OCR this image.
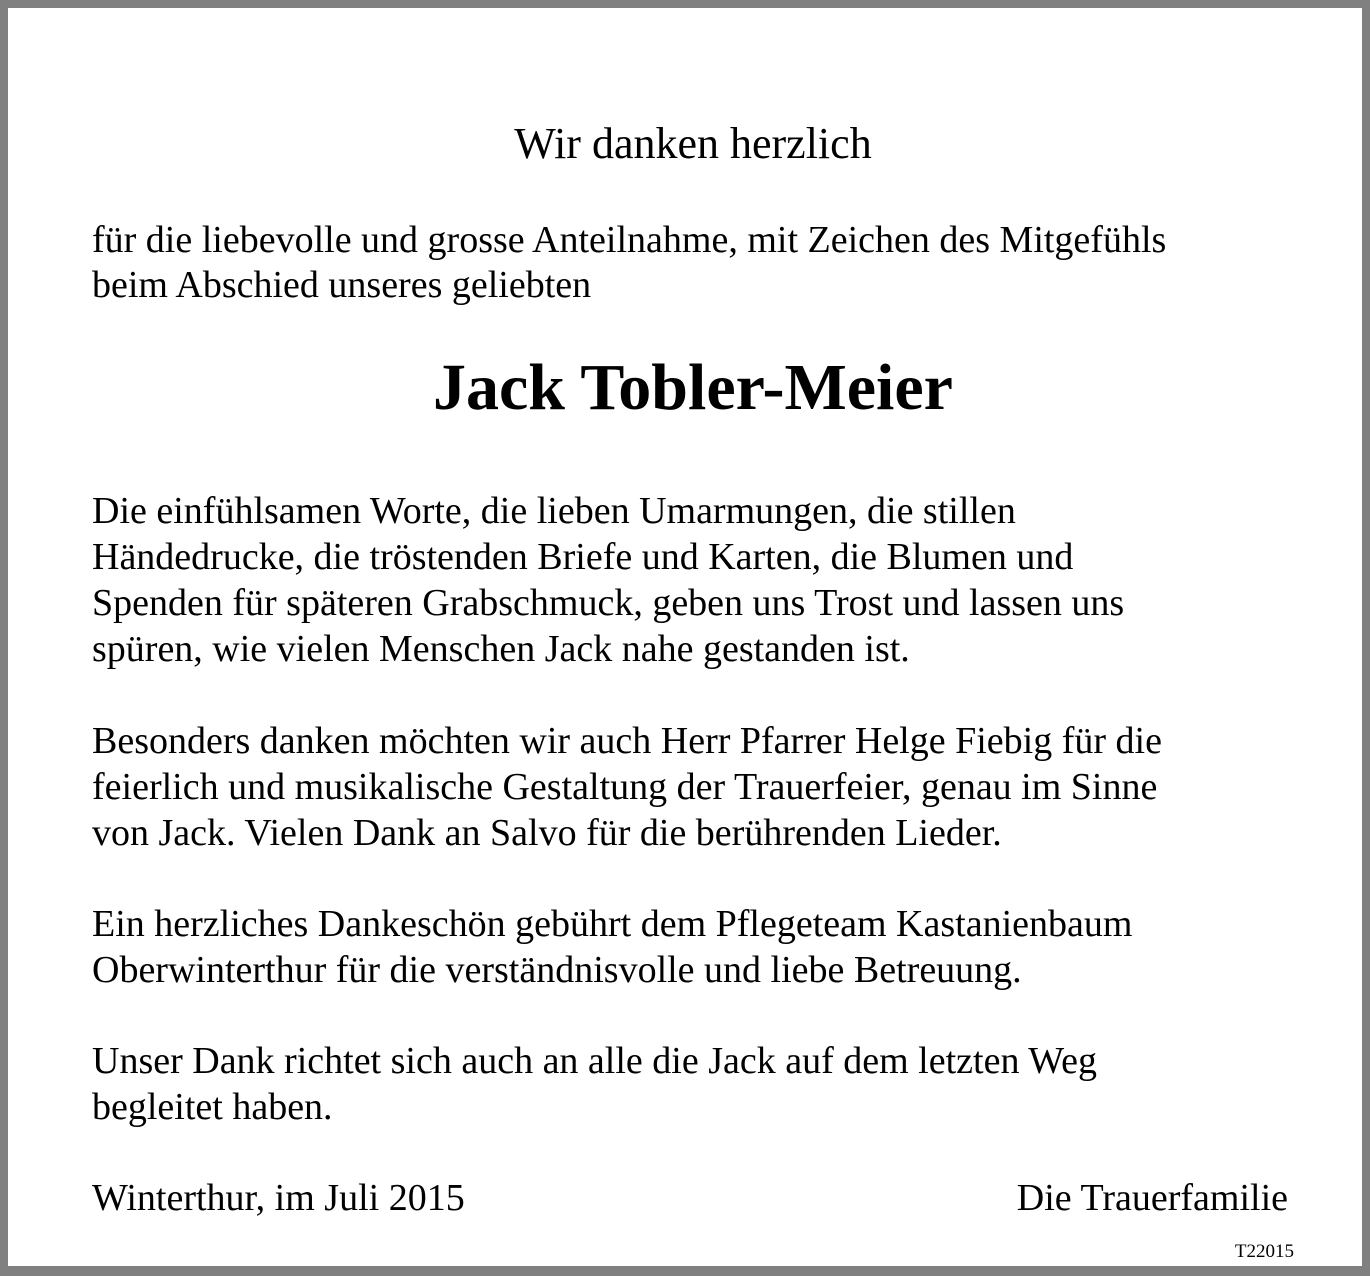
Wir danken herzlich
für die liebevolle und grosse Anteilnahme, mit Zeichen des Mitgefühls
beim Abschied unseres geliebten
Jack Tobler-Meier
Die einfühlsamen Worte, die lieben Umarmungen, die stillen
Händedrucke, die tröstenden Briefe und Karten, die Blumen und
Spenden für späteren Grabschmuck, geben uns Trost und lassen uns
spüren, wie vielen Menschen Jack nahe gestanden ist.
Besonders danken möchten wir auch Herr Pfarrer Helge Fiebig für die
feierlich und musikalische Gestaltung der Trauerfeier, genau im Sinne
von Jack. Vielen Dank an Salvo für die berührenden Lieder.
Ein herzliches Dankeschön gebührt dem Pflegeteam Kastanienbaum
Oberwinterthur für die verständnisvolle und liebe Betreuung.
Unser Dank richtet sich auch an alle die Jack auf dem letzten Weg
begleitet haben.
Winterthur, im Juli 2015	Die Trauerfamilie
T22015
